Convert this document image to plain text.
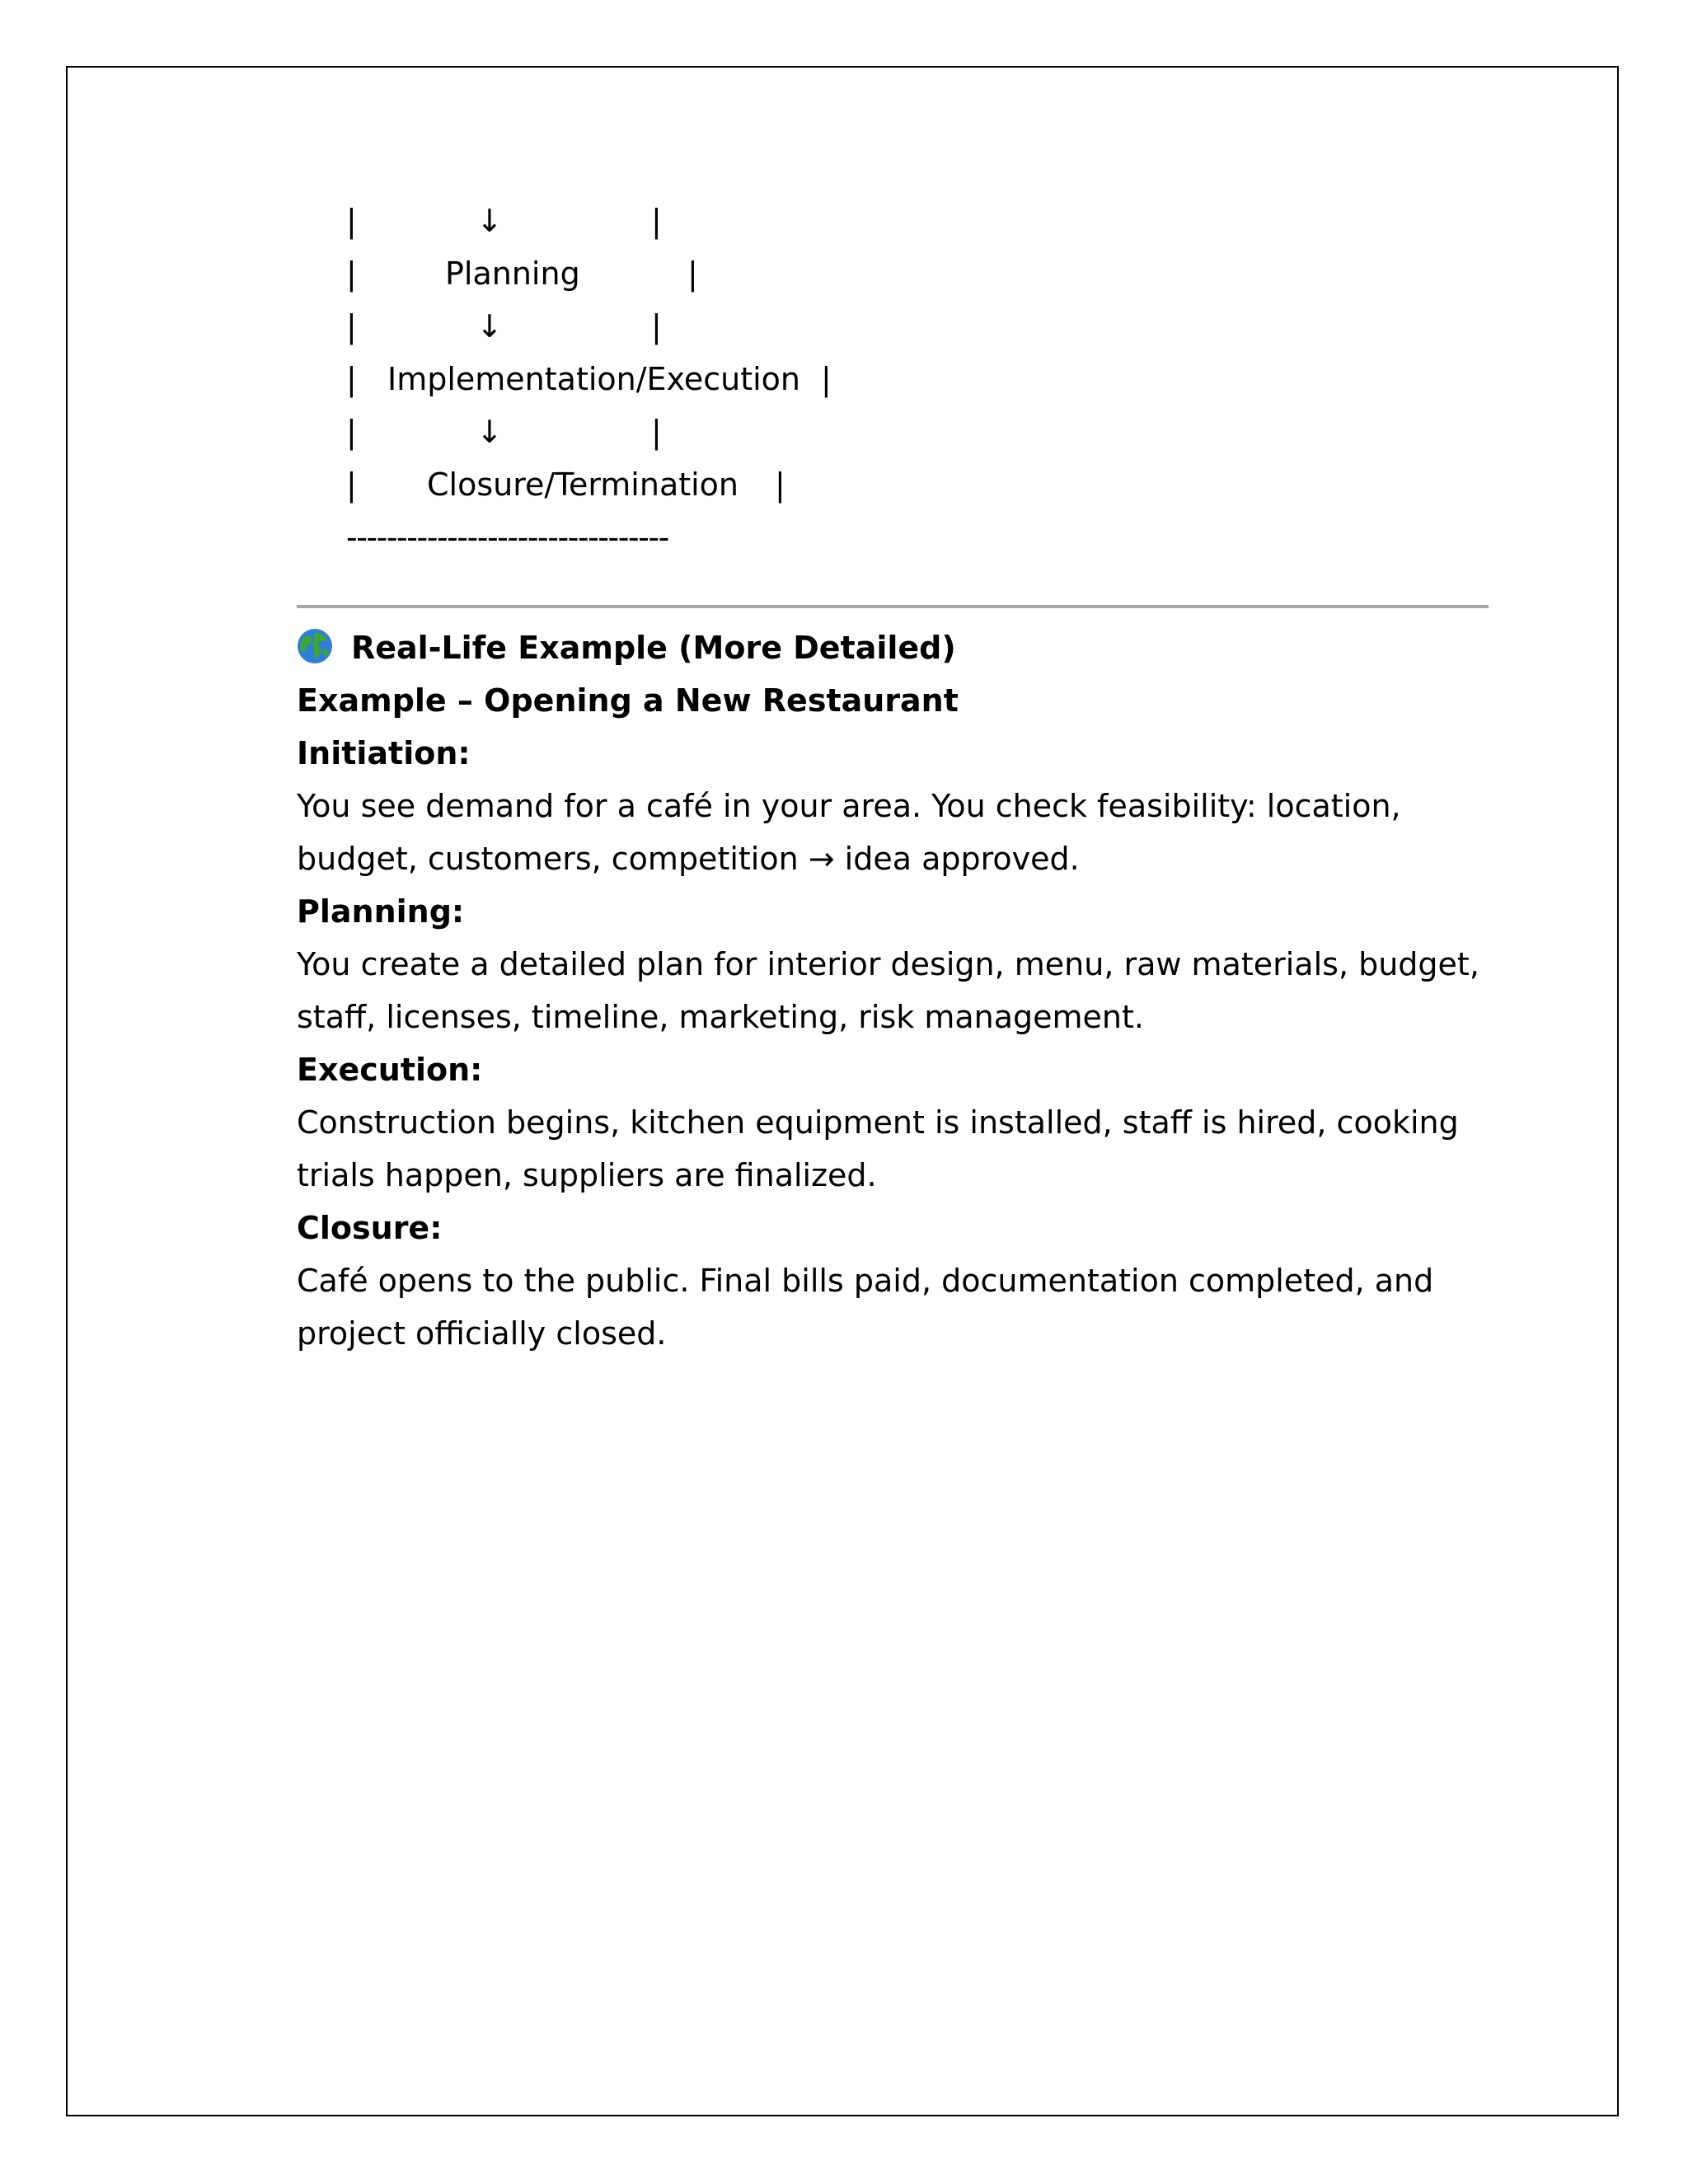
|	↓	|
|	Planning	|
|	↓	|
| Implementation/Execution |
|	↓	|
| Closure/Termination |
--------------------------------
Real-Life Example (More Detailed)
Example – Opening a New Restaurant
Initiation:
You see demand for a café in your area. You check feasibility: location,
budget, customers, competition → idea approved.
Planning:
You create a detailed plan for interior design, menu, raw materials, budget,
staff, licenses, timeline, marketing, risk management.
Execution:
Construction begins, kitchen equipment is installed, staff is hired, cooking
trials happen, suppliers are finalized.
Closure:
Café opens to the public. Final bills paid, documentation completed, and
project officially closed.
